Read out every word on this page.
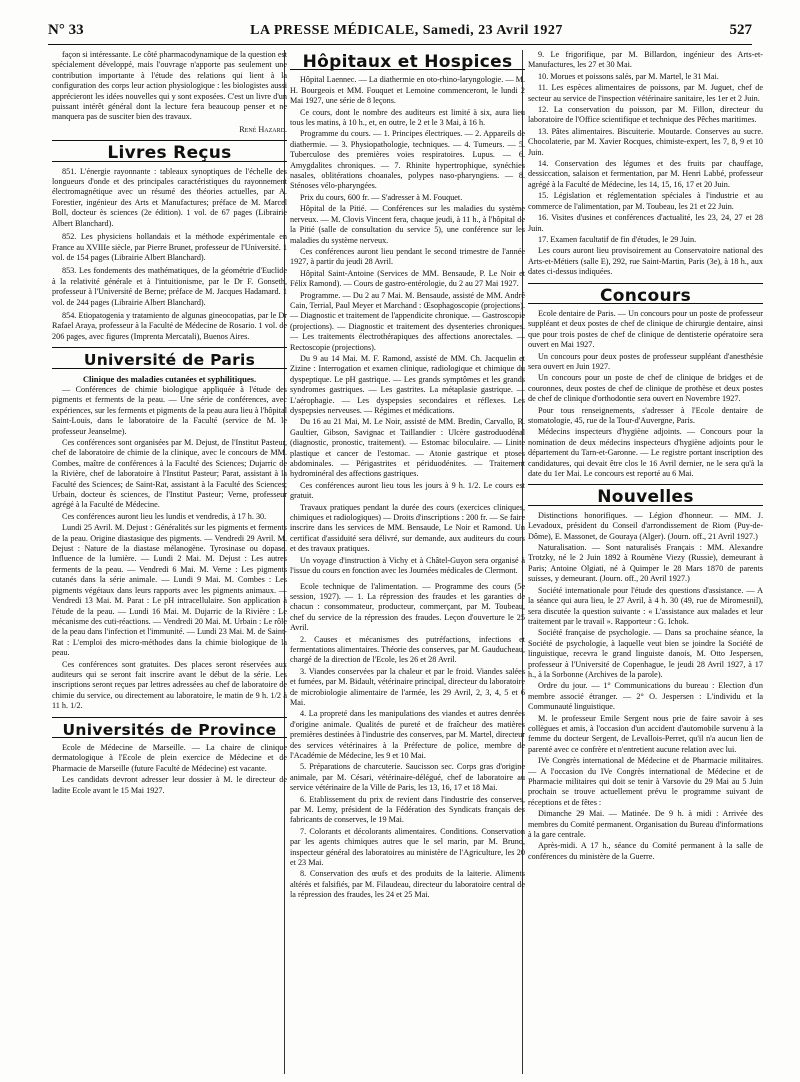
N° 33	LA PRESSE MÉDICALE, Samedi, 23 Avril 1927	527

façon si intéressante. Le côté pharmacodynamique de la question est spécialement développé, mais l'ouvrage n'apporte pas seulement une contribution importante à l'étude des relations qui lient à la configuration des corps leur action physiologique : les biologistes aussi apprécieront les idées nouvelles qui y sont exposées. C'est un livre d'un puissant intérêt général dont la lecture fera beaucoup penser et ne manquera pas de susciter bien des travaux.

René Hazard.
Livres Reçus

851. L'énergie rayonnante : tableaux synoptiques de l'échelle des longueurs d'onde et des principales caractéristiques du rayonnement électromagnétique avec un résumé des théories actuelles, par A. Forestier, ingénieur des Arts et Manufactures; préface de M. Marcel Boll, docteur ès sciences (2e édition). 1 vol. de 67 pages (Librairie Albert Blanchard).

852. Les physiciens hollandais et la méthode expérimentale en France au XVIIIe siècle, par Pierre Brunet, professeur de l'Université. 1 vol. de 154 pages (Librairie Albert Blanchard).

853. Les fondements des mathématiques, de la géométrie d'Euclide à la relativité générale et à l'intuitionisme, par le Dr F. Gonseth, professeur à l'Université de Berne; préface de M. Jacques Hadamard. 1 vol. de 244 pages (Librairie Albert Blanchard).

854. Etiopatogenia y tratamiento de algunas gineocopatias, par le Dr Rafael Araya, professeur à la Faculté de Médecine de Rosario. 1 vol. de 206 pages, avec figures (Imprenta Mercatali), Buenos Aires.

Université de Paris

Clinique des maladies cutanées et syphilitiques.

— Conférences de chimie biologique appliquée à l'étude des pigments et ferments de la peau. — Une série de conférences, avec expériences, sur les ferments et pigments de la peau aura lieu à l'hôpital Saint-Louis, dans le laboratoire de la Faculté (service de M. le professeur Jeanselme).

Ces conférences sont organisées par M. Dejust, de l'Institut Pasteur, chef de laboratoire de chimie de la clinique, avec le concours de MM. Combes, maître de conférences à la Faculté des Sciences; Dujarric de la Rivière, chef de laboratoire à l'Institut Pasteur; Parat, assistant à la Faculté des Sciences; de Saint-Rat, assistant à la Faculté des Sciences; Urbain, docteur ès sciences, de l'Institut Pasteur; Verne, professeur agrégé à la Faculté de Médecine.

Ces conférences auront lieu les lundis et vendredis, à 17 h. 30.

Lundi 25 Avril. M. Dejust : Généralités sur les pigments et ferments de la peau. Origine diastasique des pigments. — Vendredi 29 Avril. M. Dejust : Nature de la diastase mélanogène. Tyrosinase ou dopase. Influence de la lumière. — Lundi 2 Mai. M. Dejust : Les autres ferments de la peau. — Vendredi 6 Mai. M. Verne : Les pigments cutanés dans la série animale. — Lundi 9 Mai. M. Combes : Les pigments végétaux dans leurs rapports avec les pigments animaux. — Vendredi 13 Mai. M. Parat : Le pH intracellulaire. Son application à l'étude de la peau. — Lundi 16 Mai. M. Dujarric de la Rivière : Le mécanisme des cuti-réactions. — Vendredi 20 Mai. M. Urbain : Le rôle de la peau dans l'infection et l'immunité. — Lundi 23 Mai. M. de Saint-Rat : L'emploi des micro-méthodes dans la chimie biologique de la peau.

Ces conférences sont gratuites. Des places seront réservées aux auditeurs qui se seront fait inscrire avant le début de la série. Les inscriptions seront reçues par lettres adressées au chef de laboratoire de chimie du service, ou directement au laboratoire, le matin de 9 h. 1/2 à 11 h. 1/2.

Universités de Province

Ecole de Médecine de Marseille. — La chaire de clinique dermatologique à l'Ecole de plein exercice de Médecine et de Pharmacie de Marseille (future Faculté de Médecine) est vacante.

Les candidats devront adresser leur dossier à M. le directeur de ladite Ecole avant le 15 Mai 1927.

Hôpitaux et Hospices

Hôpital Laennec. — La diathermie en oto-rhino-laryngologie. — M. H. Bourgeois et MM. Fouquet et Lemoine commenceront, le lundi 2 Mai 1927, une série de 8 leçons.

Ce cours, dont le nombre des auditeurs est limité à six, aura lieu tous les matins, à 10 h., et, en outre, le 2 et le 3 Mai, à 16 h.

Programme du cours. — 1. Principes électriques. — 2. Appareils de diathermie. — 3. Physiopathologie, techniques. — 4. Tumeurs. — 5. Tuberculose des premières voies respiratoires. Lupus. — 6. Amygdalites chroniques. — 7. Rhinite hypertrophique, synéchies nasales, oblitérations choanales, polypes naso-pharyngiens. — 8. Sténoses vélo-pharyngées.

Prix du cours, 600 fr. — S'adresser à M. Fouquet.

Hôpital de la Pitié. — Conférences sur les maladies du système nerveux. — M. Clovis Vincent fera, chaque jeudi, à 11 h., à l'hôpital de la Pitié (salle de consultation du service 5), une conférence sur les maladies du système nerveux.

Ces conférences auront lieu pendant le second trimestre de l'année 1927, à partir du jeudi 28 Avril.

Hôpital Saint-Antoine (Services de MM. Bensaude, P. Le Noir et Félix Ramond). — Cours de gastro-entérologie, du 2 au 27 Mai 1927.

Programme. — Du 2 au 7 Mai. M. Bensaude, assisté de MM. André Cain, Terrial, Paul Meyer et Marchand : Œsophagoscopie (projections). — Diagnostic et traitement de l'appendicite chronique. — Gastroscopie (projections). — Diagnostic et traitement des dysenteries chroniques. — Les traitements électrothérapiques des affections anorectales. — Rectoscopie (projections).

Du 9 au 14 Mai. M. F. Ramond, assisté de MM. Ch. Jacquelin et Zizine : Interrogation et examen clinique, radiologique et chimique du dyspeptique. Le pH gastrique. — Les grands symptômes et les grands syndromes gastriques. — Les gastrites. La métaplasie gastrique. — L'aérophagie. — Les dyspepsies secondaires et réflexes. Les dyspepsies nerveuses. — Régimes et médications.

Du 16 au 21 Mai, M. Le Noir, assisté de MM. Bredin, Carvallo, R. Gaultier, Gibson, Savignac et Taillandier : Ulcère gastroduodénal (diagnostic, pronostic, traitement). — Estomac biloculaire. — Linite plastique et cancer de l'estomac. — Atonie gastrique et ptoses abdominales. — Périgastrites et périduodénites. — Traitement hydrominéral des affections gastriques.

Ces conférences auront lieu tous les jours à 9 h. 1/2. Le cours est gratuit.

Travaux pratiques pendant la durée des cours (exercices cliniques, chimiques et radiologiques) — Droits d'inscriptions : 200 fr. — Se faire inscrire dans les services de MM. Bensaude, Le Noir et Ramond. Un certificat d'assiduité sera délivré, sur demande, aux auditeurs du cours et des travaux pratiques.

Un voyage d'instruction à Vichy et à Châtel-Guyon sera organisé à l'issue du cours en fonction avec les Journées médicales de Clermont.

Ecole technique de l'alimentation. — Programme des cours (5e session, 1927). — 1. La répression des fraudes et les garanties de chacun : consommateur, producteur, commerçant, par M. Toubeau, chef du service de la répression des fraudes. Leçon d'ouverture le 25 Avril.

2. Causes et mécanismes des putréfactions, infections et fermentations alimentaires. Théorie des conserves, par M. Gauducheau, chargé de la direction de l'Ecole, les 26 et 28 Avril.

3. Viandes conservées par la chaleur et par le froid. Viandes salées et fumées, par M. Bidault, vétérinaire principal, directeur du laboratoire de microbiologie alimentaire de l'armée, les 29 Avril, 2, 3, 4, 5 et 6 Mai.

4. La propreté dans les manipulations des viandes et autres denrées d'origine animale. Qualités de pureté et de fraîcheur des matières premières destinées à l'industrie des conserves, par M. Martel, directeur des services vétérinaires à la Préfecture de police, membre de l'Académie de Médecine, les 9 et 10 Mai.

5. Préparations de charcuterie. Saucisson sec. Corps gras d'origine animale, par M. Césari, vétérinaire-délégué, chef de laboratoire au service vétérinaire de la Ville de Paris, les 13, 16, 17 et 18 Mai.

6. Etablissement du prix de revient dans l'industrie des conserves, par M. Lemy, président de la Fédération des Syndicats français des fabricants de conserves, le 19 Mai.

7. Colorants et décolorants alimentaires. Conditions. Conservation par les agents chimiques autres que le sel marin, par M. Bruno, inspecteur général des laboratoires au ministère de l'Agriculture, les 20 et 23 Mai.

8. Conservation des œufs et des produits de la laiterie. Aliments altérés et falsifiés, par M. Filaudeau, directeur du laboratoire central de la répression des fraudes, les 24 et 25 Mai.

9. Le frigorifique, par M. Billardon, ingénieur des Arts-et-Manufactures, les 27 et 30 Mai.

10. Morues et poissons salés, par M. Martel, le 31 Mai.

11. Les espèces alimentaires de poissons, par M. Juguet, chef de secteur au service de l'inspection vétérinaire sanitaire, les 1er et 2 Juin.

12. La conservation du poisson, par M. Fillon, directeur du laboratoire de l'Office scientifique et technique des Pêches maritimes.

13. Pâtes alimentaires. Biscuiterie. Moutarde. Conserves au sucre. Chocolaterie, par M. Xavier Rocques, chimiste-expert, les 7, 8, 9 et 10 Juin.

14. Conservation des légumes et des fruits par chauffage, dessiccation, salaison et fermentation, par M. Henri Labbé, professeur agrégé à la Faculté de Médecine, les 14, 15, 16, 17 et 20 Juin.

15. Législation et réglementation spéciales à l'industrie et au commerce de l'alimentation, par M. Toubeau, les 21 et 22 Juin.

16. Visites d'usines et conférences d'actualité, les 23, 24, 27 et 28 Juin.

17. Examen facultatif de fin d'études, le 29 Juin.

Les cours auront lieu provisoirement au Conservatoire national des Arts-et-Métiers (salle E), 292, rue Saint-Martin, Paris (3e), à 18 h., aux dates ci-dessus indiquées.

Concours

Ecole dentaire de Paris. — Un concours pour un poste de professeur suppléant et deux postes de chef de clinique de chirurgie dentaire, ainsi que pour trois postes de chef de clinique de dentisterie opératoire sera ouvert en Mai 1927.

Un concours pour deux postes de professeur suppléant d'anesthésie sera ouvert en Juin 1927.

Un concours pour un poste de chef de clinique de bridges et de couronnes, deux postes de chef de clinique de prothèse et deux postes de chef de clinique d'orthodontie sera ouvert en Novembre 1927.

Pour tous renseignements, s'adresser à l'Ecole dentaire de stomatologie, 45, rue de la Tour-d'Auvergne, Paris.

Médecins inspecteurs d'hygiène adjoints. — Concours pour la nomination de deux médecins inspecteurs d'hygiène adjoints pour le département du Tarn-et-Garonne. — Le registre portant inscription des candidatures, qui devait être clos le 16 Avril dernier, ne le sera qu'à la date du 1er Mai. Le concours est reporté au 6 Mai.

Nouvelles

Distinctions honorifiques. — Légion d'honneur. — MM. J. Levadoux, président du Conseil d'arrondissement de Riom (Puy-de-Dôme), E. Massonet, de Gouraya (Alger). (Journ. off., 21 Avril 1927.)

Naturalisation. — Sont naturalisés Français : MM. Alexandre Trotzky, né le 2 Juin 1892 à Roumène Viezy (Russie), demeurant à Paris; Antoine Olgiati, né à Quimper le 28 Mars 1870 de parents suisses, y demeurant. (Journ. off., 20 Avril 1927.)

Société internationale pour l'étude des questions d'assistance. — A la séance qui aura lieu, le 27 Avril, à 4 h. 30 (49, rue de Miromesnil), sera discutée la question suivante : « L'assistance aux malades et leur traitement par le travail ». Rapporteur : G. Ichok.

Société française de psychologie. — Dans sa prochaine séance, la Société de psychologie, à laquelle veut bien se joindre la Société de linguistique, recevra le grand linguiste danois, M. Otto Jespersen, professeur à l'Université de Copenhague, le jeudi 28 Avril 1927, à 17 h., à la Sorbonne (Archives de la parole).

Ordre du jour. — 1° Communications du bureau : Election d'un membre associé étranger. — 2° O. Jespersen : L'individu et la Communauté linguistique.

M. le professeur Emile Sergent nous prie de faire savoir à ses collègues et amis, à l'occasion d'un accident d'automobile survenu à la femme du docteur Sergent, de Levallois-Perret, qu'il n'a aucun lien de parenté avec ce confrère et n'entretient aucune relation avec lui.

IVe Congrès international de Médecine et de Pharmacie militaires. — A l'occasion du IVe Congrès international de Médecine et de Pharmacie militaires qui doit se tenir à Varsovie du 29 Mai au 5 Juin prochain se trouve actuellement prévu le programme suivant de réceptions et de fêtes :

Dimanche 29 Mai. — Matinée. De 9 h. à midi : Arrivée des membres du Comité permanent. Organisation du Bureau d'informations à la gare centrale.

Après-midi. A 17 h., séance du Comité permanent à la salle de conférences du ministère de la Guerre.
